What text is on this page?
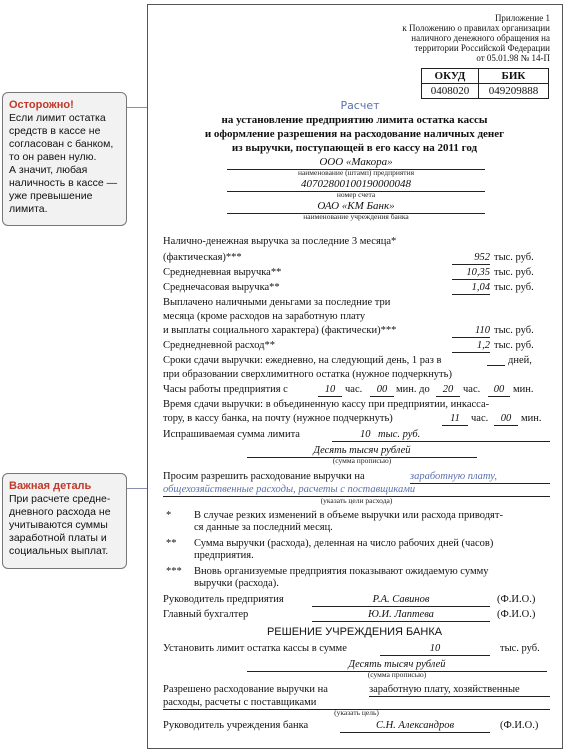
Осторожно!
Если лимит остатка
средств в кассе не
согласован с банком,
то он равен нулю.
А значит, любая
наличность в кассе —
уже превышение
лимита.
Важная деталь
При расчете средне-
дневного расхода не
учитываются суммы
заработной платы и
социальных выплат.
Приложение 1
к Положению о правилах организации
наличного денежного обращения на
территории Российской Федерации
от 05.01.98 № 14-П
ОКУД	БИК
0408020	049209888
Расчет
на установление предприятию лимита остатка кассы
и оформление разрешения на расходование наличных денег
из выручки, поступающей в его кассу на 2011 год
ООО «Макора»
наименование (штамп) предприятия
40702800100190000048
номер счета
ОАО «КМ Банк»
наименование учреждения банка
Наличнo-денежная выручка за последние 3 месяца*
(фактическая)***	952 тыс. руб.
Среднедневная выручка**	10,35 тыс. руб.
Среднечасовая выручка**	1,04 тыс. руб.
Выплачено наличными деньгами за последние три
месяца (кроме расходов на заработную плату
и выплаты социального характера) (фактически)***	110 тыс. руб.
Среднедневной расход**	1,2 тыс. руб.
Сроки сдачи выручки: ежедневно, на следующий день, 1 раз в	дней,
при образовании сверхлимитного остатка (нужное подчеркнуть)
Часы работы предприятия с	10 час.	00 мин. до	20 час.	00 мин.
Время сдачи выручки: в объединенную кассу при предприятии, инкасса-
тору, в кассу банка, на почту (нужное подчеркнуть)	11	час.	00 мин.
Испрашиваемая сумма лимита	10 тыс. руб.
Десять тысяч рублей
(сумма прописью)
Просим разрешить расходование выручки на	заработную плату,
общехозяйственные расходы, расчеты с поставщиками
(указать цели расхода)
* В случае резких изменений в объеме выручки или расхода приводят-
ся данные за последний месяц.
** Сумма выручки (расхода), деленная на число рабочих дней (часов)
предприятия.
*** Вновь организуемые предприятия показывают ожидаемую сумму
выручки (расхода).
Руководитель предприятия	Р.А. Савинов	(Ф.И.О.)
Главный бухгалтер	Ю.И. Лаптева	(Ф.И.О.)
РЕШЕНИЕ УЧРЕЖДЕНИЯ БАНКА
Установить лимит остатка кассы в сумме	10	тыс. руб.
Десять тысяч рублей
(сумма прописью)
Разрешено расходование выручки на	заработную плату, хозяйственные
расходы, расчеты с поставщиками
(указать цель)
Руководитель учреждения банка	С.Н. Александров	(Ф.И.О.)
